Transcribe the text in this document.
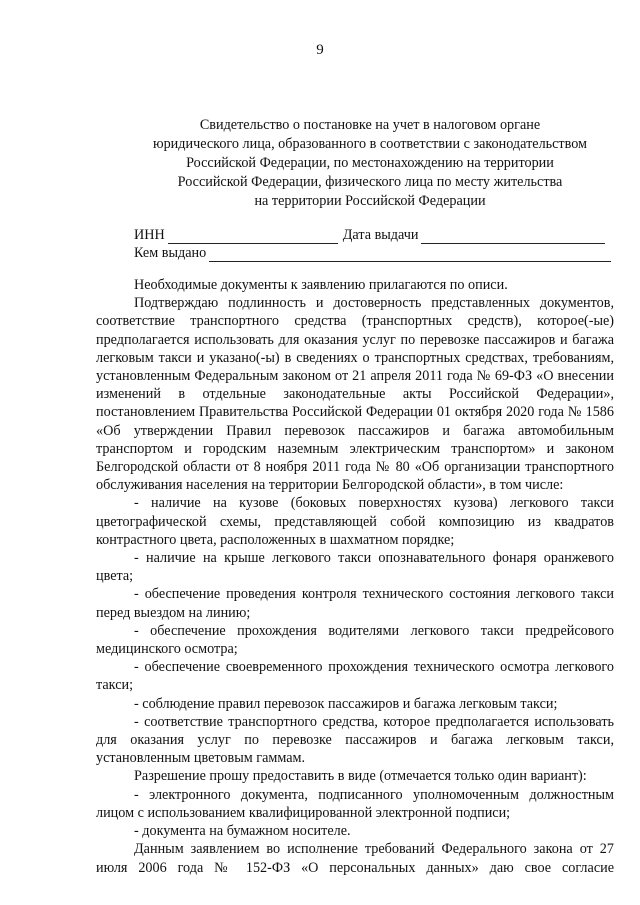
9
Свидетельство о постановке на учет в налоговом органе
юридического лица, образованного в соответствии с законодательством
Российской Федерации, по местонахождению на территории
Российской Федерации, физического лица по месту жительства
на территории Российской Федерации
ИНН	Дата выдачи
Кем выдано
Необходимые документы к заявлению прилагаются по описи.
Подтверждаю подлинность и достоверность представленных документов, соответствие транспортного средства (транспортных средств), которое(-ые) предполагается использовать для оказания услуг по перевозке пассажиров и багажа легковым такси и указано(-ы) в сведениях о транспортных средствах, требованиям, установленным Федеральным законом от 21 апреля 2011 года № 69-ФЗ «О внесении изменений в отдельные законодательные акты Российской Федерации», постановлением Правительства Российской Федерации 01 октября 2020 года № 1586 «Об утверждении Правил перевозок пассажиров и багажа автомобильным транспортом и городским наземным электрическим транспортом» и законом Белгородской области от 8 ноября 2011 года № 80 «Об организации транспортного обслуживания населения на территории Белгородской области», в том числе:
- наличие на кузове (боковых поверхностях кузова) легкового такси цветографической схемы, представляющей собой композицию из квадратов контрастного цвета, расположенных в шахматном порядке;
- наличие на крыше легкового такси опознавательного фонаря оранжевого цвета;
- обеспечение проведения контроля технического состояния легкового такси перед выездом на линию;
- обеспечение прохождения водителями легкового такси предрейсового медицинского осмотра;
- обеспечение своевременного прохождения технического осмотра легкового такси;
- соблюдение правил перевозок пассажиров и багажа легковым такси;
- соответствие транспортного средства, которое предполагается использовать для оказания услуг по перевозке пассажиров и багажа легковым такси, установленным цветовым гаммам.
Разрешение прошу предоставить в виде (отмечается только один вариант):
- электронного документа, подписанного уполномоченным должностным лицом с использованием квалифицированной электронной подписи;
- документа на бумажном носителе.
Данным заявлением во исполнение требований Федерального закона от 27 июля 2006 года № 152-ФЗ «О персональных данных» даю свое согласие
